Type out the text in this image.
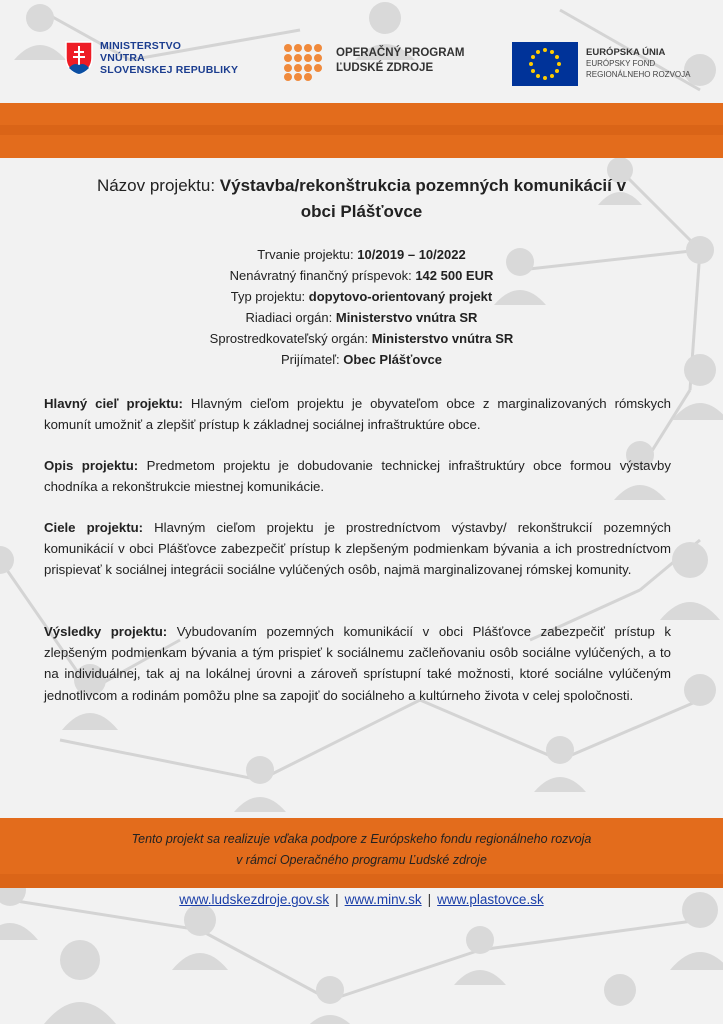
MINISTERSTVO
VNÚTRA
SLOVENSKEJ REPUBLIKY
OPERAČNÝ PROGRAM
ĽUDSKÉ ZDROJE
EURÓPSKA ÚNIA
EURÓPSKY FOND
REGIONÁLNEHO ROZVOJA
Názov projektu: Výstavba/rekonštrukcia pozemných komunikácií v
obci Plášťovce
Trvanie projektu: 10/2019 – 10/2022
Nenávratný finančný príspevok: 142 500 EUR
Typ projektu: dopytovo-orientovaný projekt
Riadiaci orgán: Ministerstvo vnútra SR
Sprostredkovateľský orgán: Ministerstvo vnútra SR
Prijímateľ: Obec Plášťovce
Hlavný cieľ projektu: Hlavným cieľom projektu je obyvateľom obce z marginalizovaných rómskych komunít umožniť a zlepšiť prístup k základnej sociálnej infraštruktúre obce.
Opis projektu: Predmetom projektu je dobudovanie technickej infraštruktúry obce formou výstavby chodníka a rekonštrukcie miestnej komunikácie.
Ciele projektu: Hlavným cieľom projektu je prostredníctvom výstavby/ rekonštrukcií pozemných komunikácií v obci Plášťovce zabezpečiť prístup k zlepšeným podmienkam bývania a ich prostredníctvom prispievať k sociálnej integrácii sociálne vylúčených osôb, najmä marginalizovanej rómskej komunity.
Výsledky projektu: Vybudovaním pozemných komunikácií v obci Plášťovce zabezpečiť prístup k zlepšeným podmienkam bývania a tým prispieť k sociálnemu začleňovaniu osôb sociálne vylúčených, a to na individuálnej, tak aj na lokálnej úrovni a zároveň sprístupní také možnosti, ktoré sociálne vylúčeným jednotlivcom a rodinám pomôžu plne sa zapojiť do sociálneho a kultúrneho života v celej spoločnosti.
Tento projekt sa realizuje vďaka podpore z Európskeho fondu regionálneho rozvoja
v rámci Operačného programu Ľudské zdroje
www.ludskezdroje.gov.sk | www.minv.sk | www.plastovce.sk
